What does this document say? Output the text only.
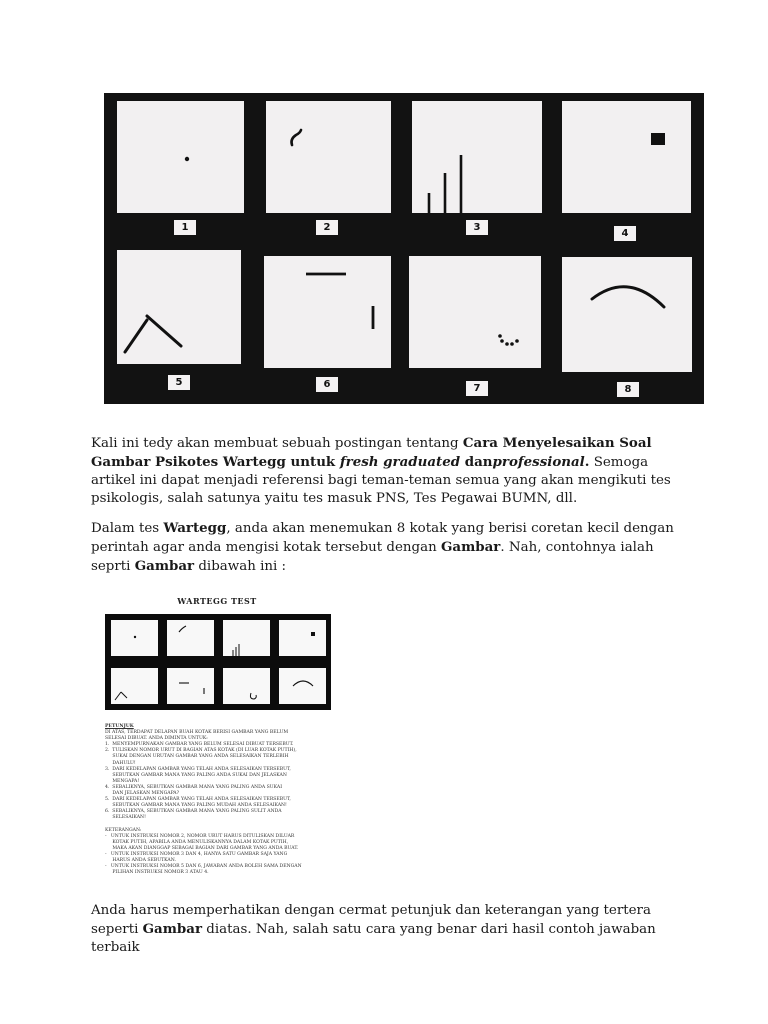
1	2	3
4
5	6	7	8
Kali ini tedy akan membuat sebuah postingan tentang Cara Menyelesaikan Soal Gambar Psikotes Wartegg untuk fresh graduated danprofessional. Semoga artikel ini dapat menjadi referensi bagi teman-teman semua yang akan mengikuti tes psikologis, salah satunya yaitu tes masuk PNS, Tes Pegawai BUMN, dll.
Dalam tes Wartegg, anda akan menemukan 8 kotak yang berisi coretan kecil dengan perintah agar anda mengisi kotak tersebut dengan Gambar. Nah, contohnya ialah seprti Gambar dibawah ini :
WARTEGG TEST
PETUNJUK
DI ATAS, TERDAPAT DELAPAN BUAH KOTAK BERISI GAMBAR YANG BELUM
SELESAI DIBUAT. ANDA DIMINTA UNTUK:
1.  MENYEMPURNAKAN GAMBAR YANG BELUM SELESAI DIBUAT TERSEBUT.
2.  TULISKAN NOMOR URUT DI BAGIAN ATAS KOTAK (DI LUAR KOTAK PUTIH),
SUKAI DENGAN URUTAN GAMBAR YANG ANDA SELESAIKAN TERLEBIH
DAHULU!
3.  DARI KEDELAPAN GAMBAR YANG TELAH ANDA SELESAIKAN TERSEBUT,
SEBUTKAN GAMBAR MANA YANG PALING ANDA SUKAI DAN JELASKAN
MENGAPA!
4.  SEBALIKNYA, SEBUTKAN GAMBAR MANA YANG PALING ANDA SUKAI
DAN JELASKAN MENGAPA?
5.  DARI KEDELAPAN GAMBAR YANG TELAH ANDA SELESAIKAN TERSEBUT,
SEBUTKAN GAMBAR MANA YANG PALING MUDAH ANDA SELESAIKAN!
6.  SEBALIKNYA, SEBUTKAN GAMBAR MANA YANG PALING SULIT ANDA
SELESAIKAN!

KETERANGAN:
-   UNTUK INSTRUKSI NOMOR 2, NOMOR URUT HARUS DITULISKAN DILUAR
KOTAK PUTIH, APABILA ANDA MENULISKANNYA DALAM KOTAK PUTIH,
MAKA AKAN DIANGGAP SEBAGAI BAGIAN DARI GAMBAR YANG ANDA BUAT.
-   UNTUK INSTRUKSI NOMOR 3 DAN 4, HANYA SATU GAMBAR SAJA YANG
HARUS ANDA SEBUTKAN.
-   UNTUK INSTRUKSI NOMOR 5 DAN 6, JAWABAN ANDA BOLEH SAMA DENGAN
PILIHAN INSTRUKSI NOMOR 3 ATAU 4.
Anda harus memperhatikan dengan cermat petunjuk dan keterangan yang tertera seperti Gambar diatas. Nah, salah satu cara yang benar dari hasil contoh jawaban terbaik
